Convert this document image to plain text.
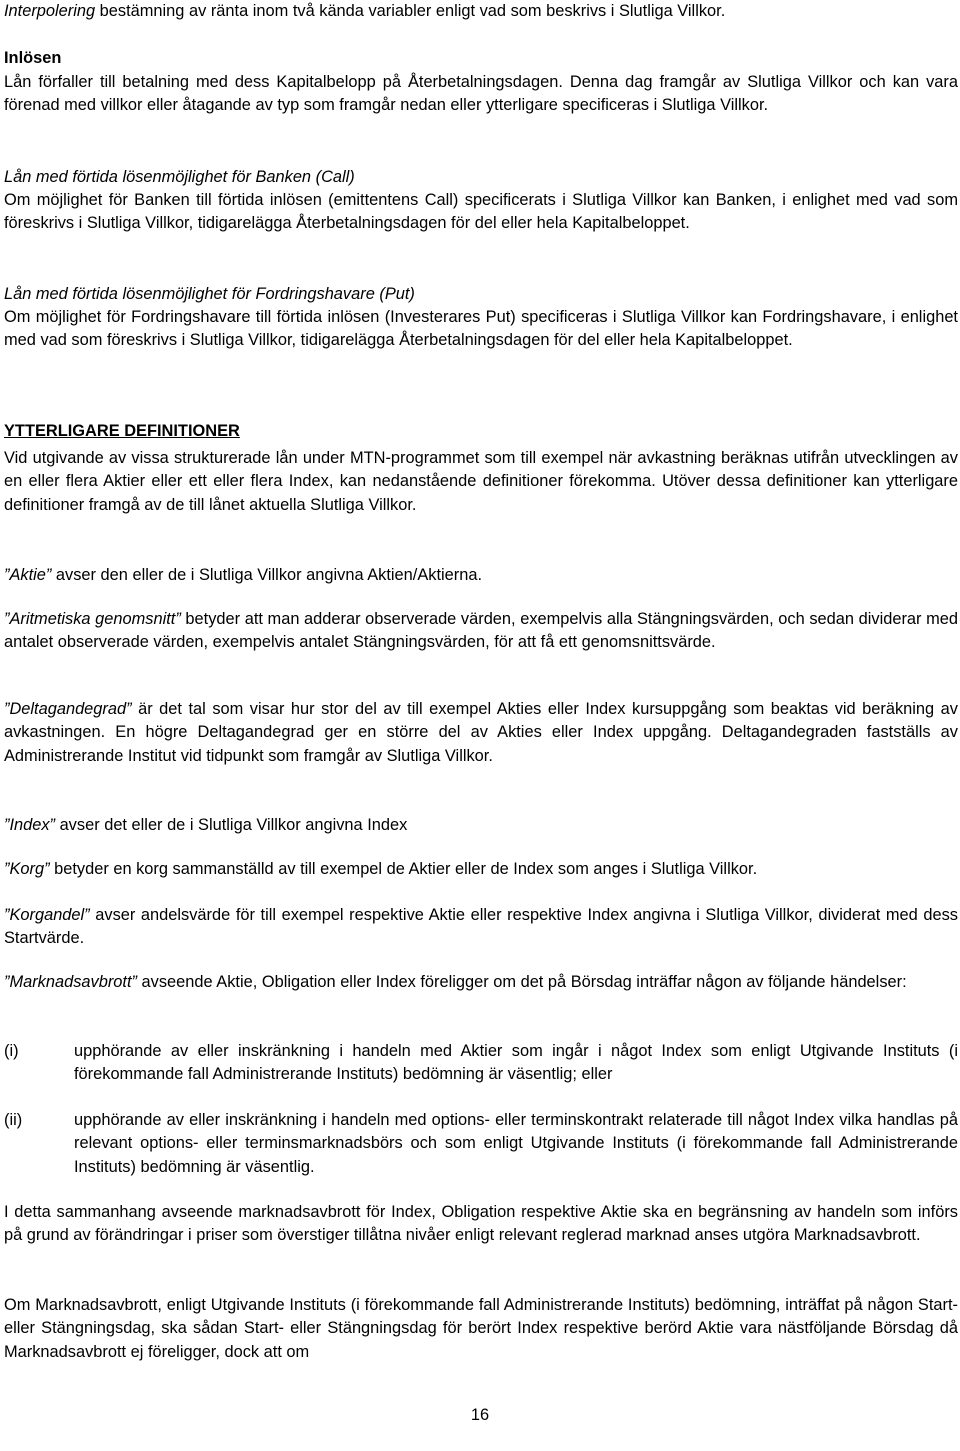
Interpolering bestämning av ränta inom två kända variabler enligt vad som beskrivs i Slutliga Villkor.

Inlösen

Lån förfaller till betalning med dess Kapitalbelopp på Återbetalningsdagen. Denna dag framgår av Slutliga Villkor och kan vara förenad med villkor eller åtagande av typ som framgår nedan eller ytterligare specificeras i Slutliga Villkor.

Lån med förtida lösenmöjlighet för Banken (Call)

Om möjlighet för Banken till förtida inlösen (emittentens Call) specificerats i Slutliga Villkor kan Banken, i enlighet med vad som föreskrivs i Slutliga Villkor, tidigarelägga Återbetalningsdagen för del eller hela Kapitalbeloppet.

Lån med förtida lösenmöjlighet för Fordringshavare (Put)

Om möjlighet för Fordringshavare till förtida inlösen (Investerares Put) specificeras i Slutliga Villkor kan Fordringshavare, i enlighet med vad som föreskrivs i Slutliga Villkor, tidigarelägga Återbetalningsdagen för del eller hela Kapitalbeloppet.

YTTERLIGARE DEFINITIONER

Vid utgivande av vissa strukturerade lån under MTN-programmet som till exempel när avkastning beräknas utifrån utvecklingen av en eller flera Aktier eller ett eller flera Index, kan nedanstående definitioner förekomma. Utöver dessa definitioner kan ytterligare definitioner framgå av de till lånet aktuella Slutliga Villkor.

”Aktie” avser den eller de i Slutliga Villkor angivna Aktien/Aktierna.

”Aritmetiska genomsnitt” betyder att man adderar observerade värden, exempelvis alla Stängningsvärden, och sedan dividerar med antalet observerade värden, exempelvis antalet Stängningsvärden, för att få ett genomsnittsvärde.

”Deltagandegrad” är det tal som visar hur stor del av till exempel Akties eller Index kursuppgång som beaktas vid beräkning av avkastningen. En högre Deltagandegrad ger en större del av Akties eller Index uppgång. Deltagandegraden fastställs av Administrerande Institut vid tidpunkt som framgår av Slutliga Villkor.

”Index” avser det eller de i Slutliga Villkor angivna Index

”Korg” betyder en korg sammanställd av till exempel de Aktier eller de Index som anges i Slutliga Villkor.

”Korgandel” avser andelsvärde för till exempel respektive Aktie eller respektive Index angivna i Slutliga Villkor, dividerat med dess Startvärde.

”Marknadsavbrott” avseende Aktie, Obligation eller Index föreligger om det på Börsdag inträffar någon av följande händelser:

(i)	upphörande av eller inskränkning i handeln med Aktier som ingår i något Index som enligt Utgivande Instituts (i förekommande fall Administrerande Instituts) bedömning är väsentlig; eller

(ii)	upphörande av eller inskränkning i handeln med options- eller terminskontrakt relaterade till något Index vilka handlas på relevant options- eller terminsmarknadsbörs och som enligt Utgivande Instituts (i förekommande fall Administrerande Instituts) bedömning är väsentlig.

I detta sammanhang avseende marknadsavbrott för Index, Obligation respektive Aktie ska en begränsning av handeln som införs på grund av förändringar i priser som överstiger tillåtna nivåer enligt relevant reglerad marknad anses utgöra Marknadsavbrott.

Om Marknadsavbrott, enligt Utgivande Instituts (i förekommande fall Administrerande Instituts) bedömning, inträffat på någon Start- eller Stängningsdag, ska sådan Start- eller Stängningsdag för berört Index respektive berörd Aktie vara nästföljande Börsdag då Marknadsavbrott ej föreligger, dock att om

16
